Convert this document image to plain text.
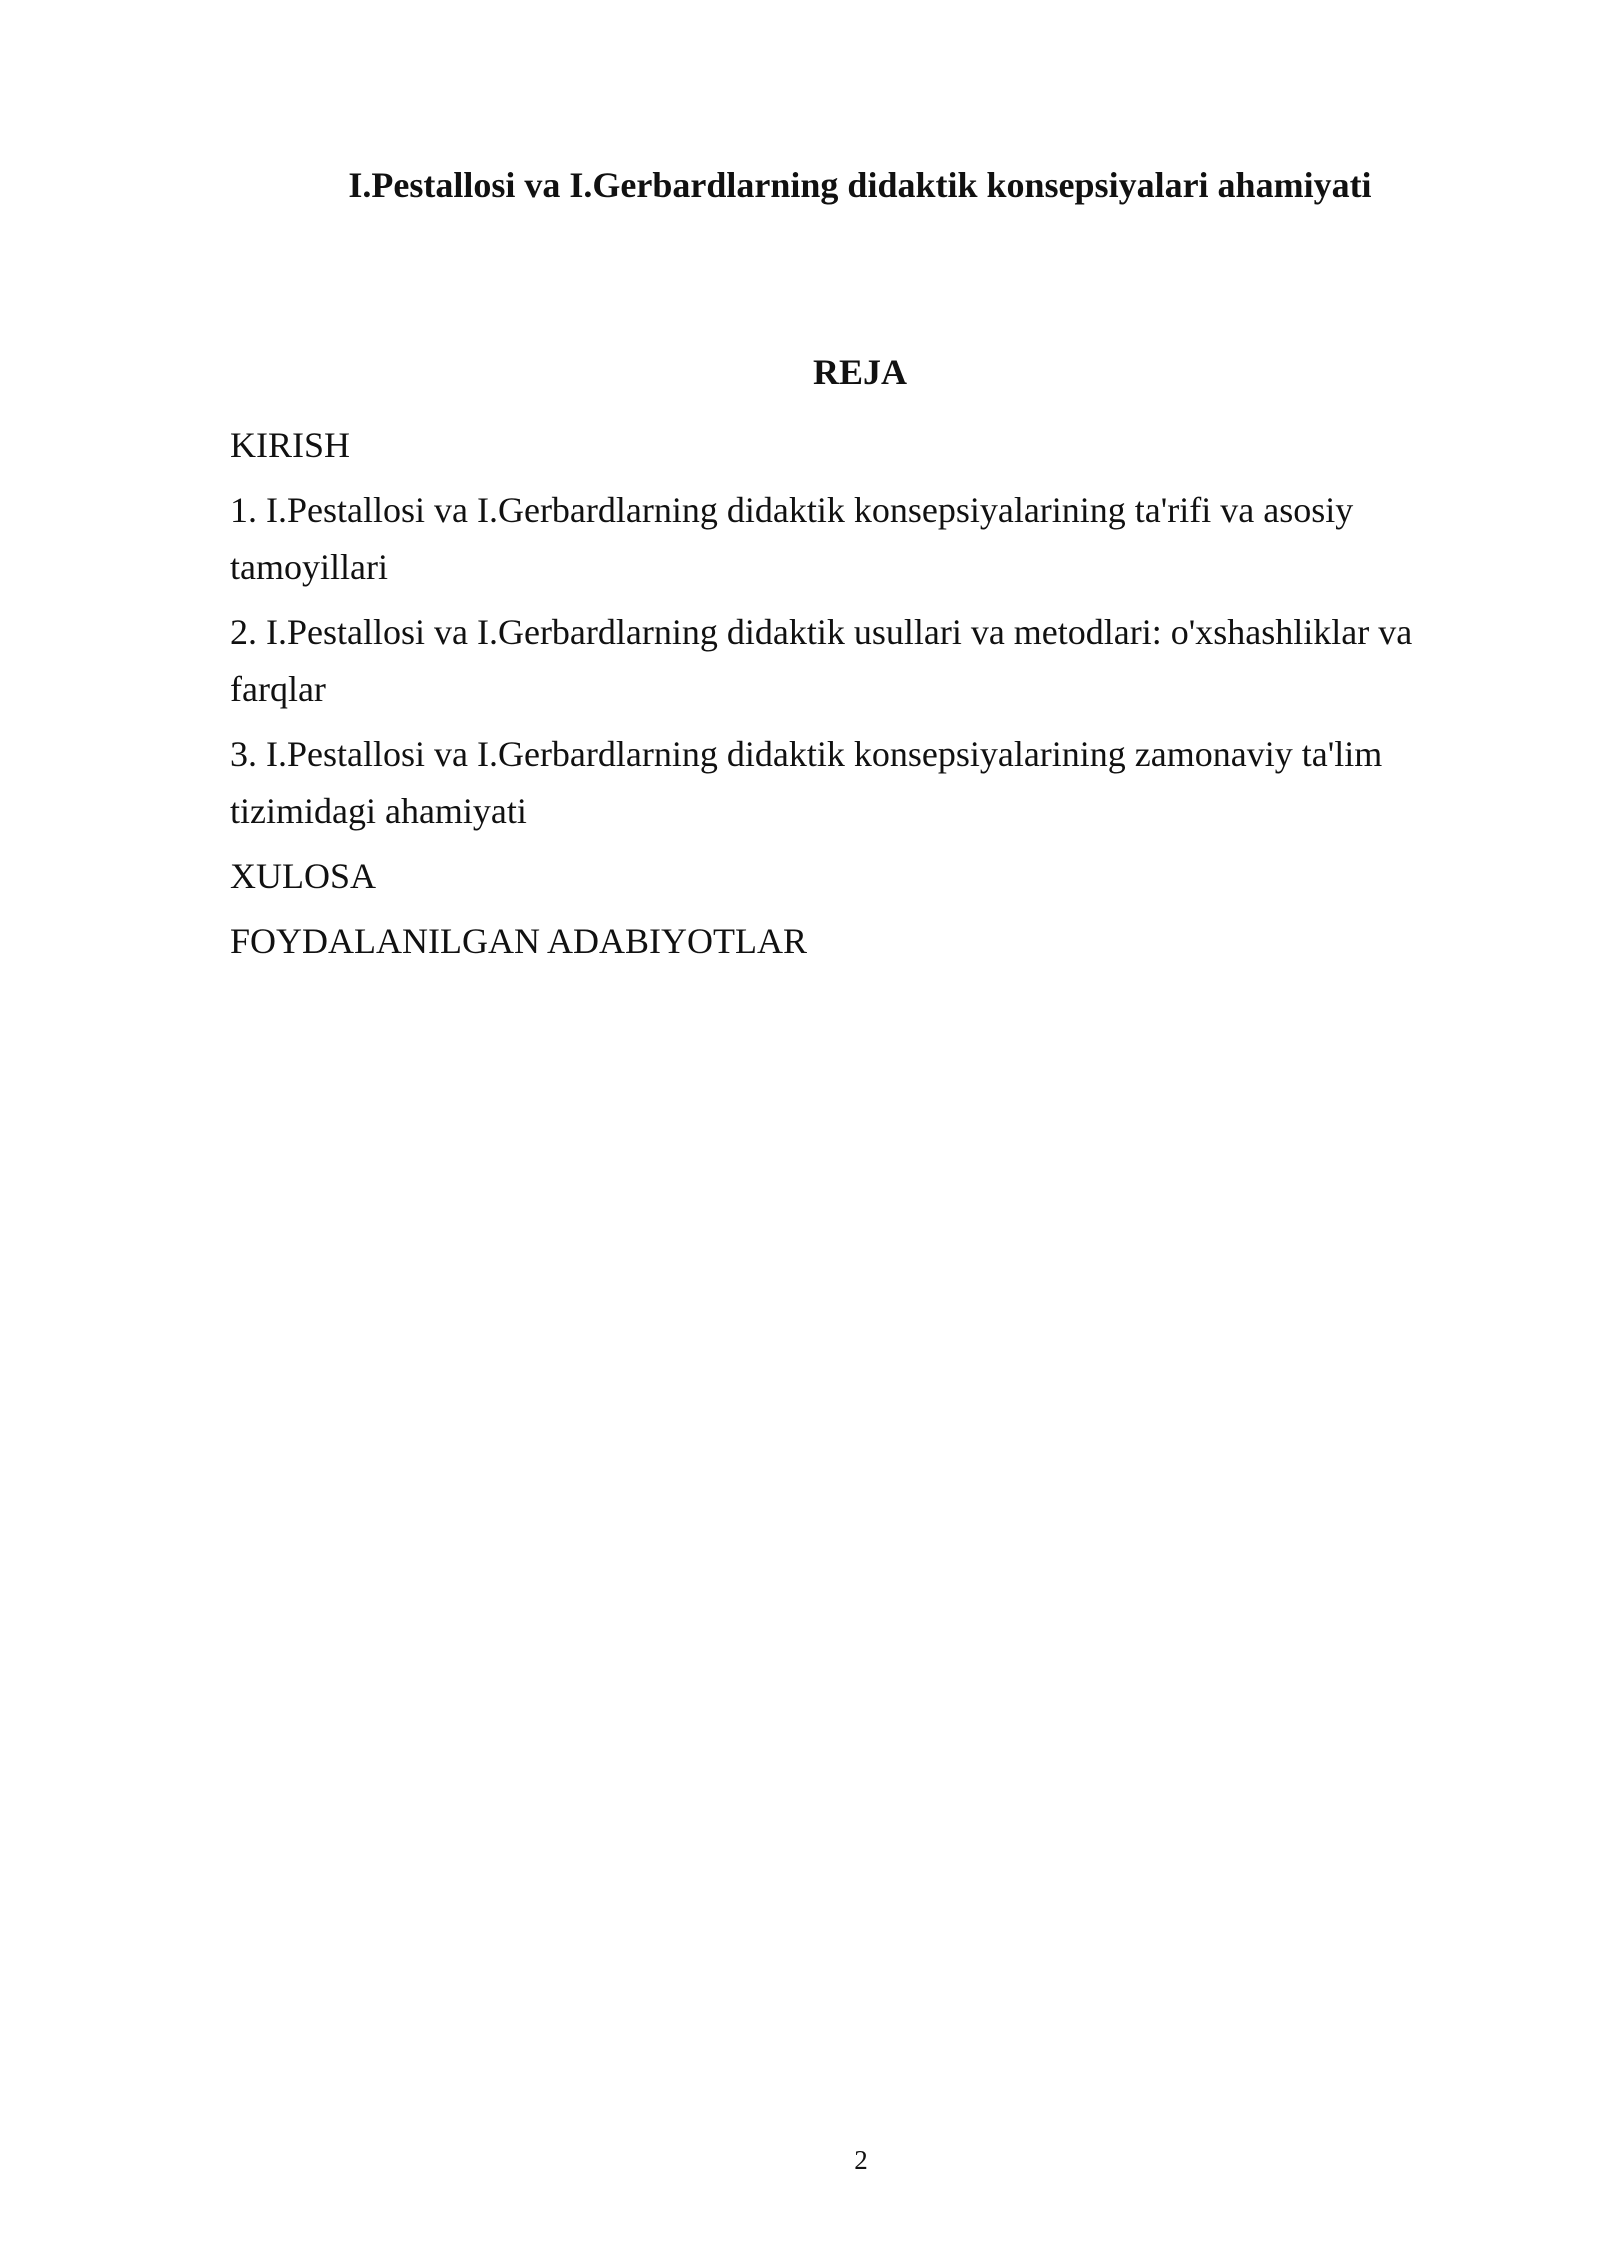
I.Pestallosi va I.Gerbardlarning didaktik konsepsiyalari ahamiyati
REJA
KIRISH
1. I.Pestallosi va I.Gerbardlarning didaktik konsepsiyalarining ta'rifi va asosiy tamoyillari
2. I.Pestallosi va I.Gerbardlarning didaktik usullari va metodlari: o'xshashliklar va farqlar
3. I.Pestallosi va I.Gerbardlarning didaktik konsepsiyalarining zamonaviy ta'lim tizimidagi ahamiyati
XULOSA
FOYDALANILGAN ADABIYOTLAR
2
